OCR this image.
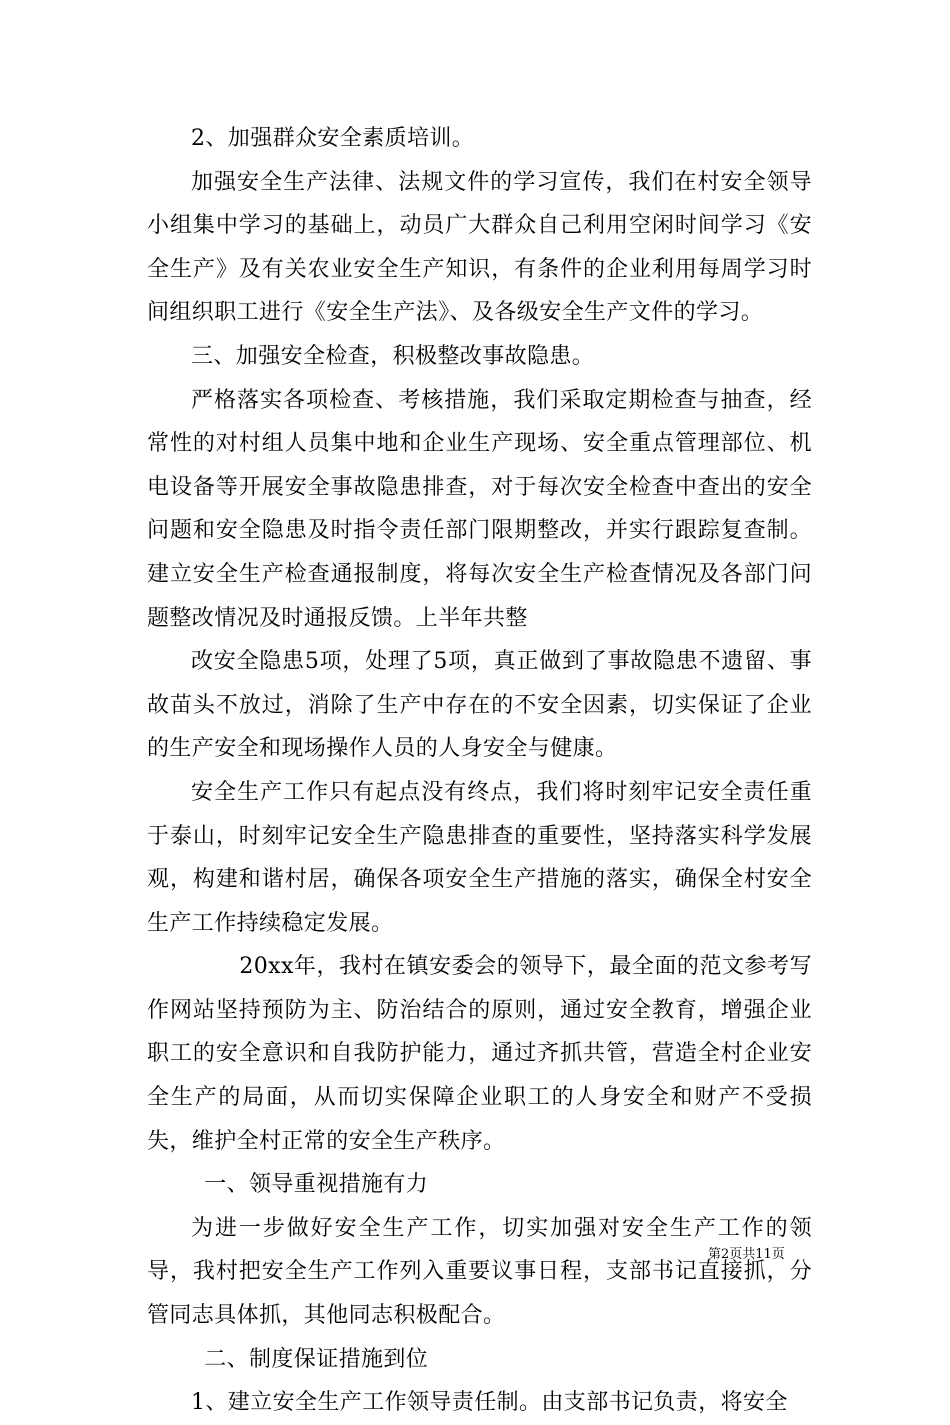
2、加强群众安全素质培训。

加强安全生产法律、法规文件的学习宣传，我们在村安全领导小组集中学习的基础上，动员广大群众自己利用空闲时间学习《安全生产》及有关农业安全生产知识，有条件的企业利用每周学习时间组织职工进行《安全生产法》、及各级安全生产文件的学习。

三、加强安全检查，积极整改事故隐患。

严格落实各项检查、考核措施，我们采取定期检查与抽查，经常性的对村组人员集中地和企业生产现场、安全重点管理部位、机电设备等开展安全事故隐患排查，对于每次安全检查中查出的安全问题和安全隐患及时指令责任部门限期整改，并实行跟踪复查制。建立安全生产检查通报制度，将每次安全生产检查情况及各部门问题整改情况及时通报反馈。上半年共整

改安全隐患5项，处理了5项，真正做到了事故隐患不遗留、事故苗头不放过，消除了生产中存在的不安全因素，切实保证了企业的生产安全和现场操作人员的人身安全与健康。

安全生产工作只有起点没有终点，我们将时刻牢记安全责任重于泰山，时刻牢记安全生产隐患排查的重要性，坚持落实科学发展观，构建和谐村居，确保各项安全生产措施的落实，确保全村安全生产工作持续稳定发展。

20xx年，我村在镇安委会的领导下，最全面的范文参考写作网站坚持预防为主、防治结合的原则，通过安全教育，增强企业职工的安全意识和自我防护能力，通过齐抓共管，营造全村企业安全生产的局面，从而切实保障企业职工的人身安全和财产不受损失，维护全村正常的安全生产秩序。

一、领导重视措施有力

为进一步做好安全生产工作，切实加强对安全生产工作的领导，我村把安全生产工作列入重要议事日程，支部书记直接抓，分管同志具体抓，其他同志积极配合。

二、制度保证措施到位

1、建立安全生产工作领导责任制。由支部书记负责，将安全

第2页共11页
